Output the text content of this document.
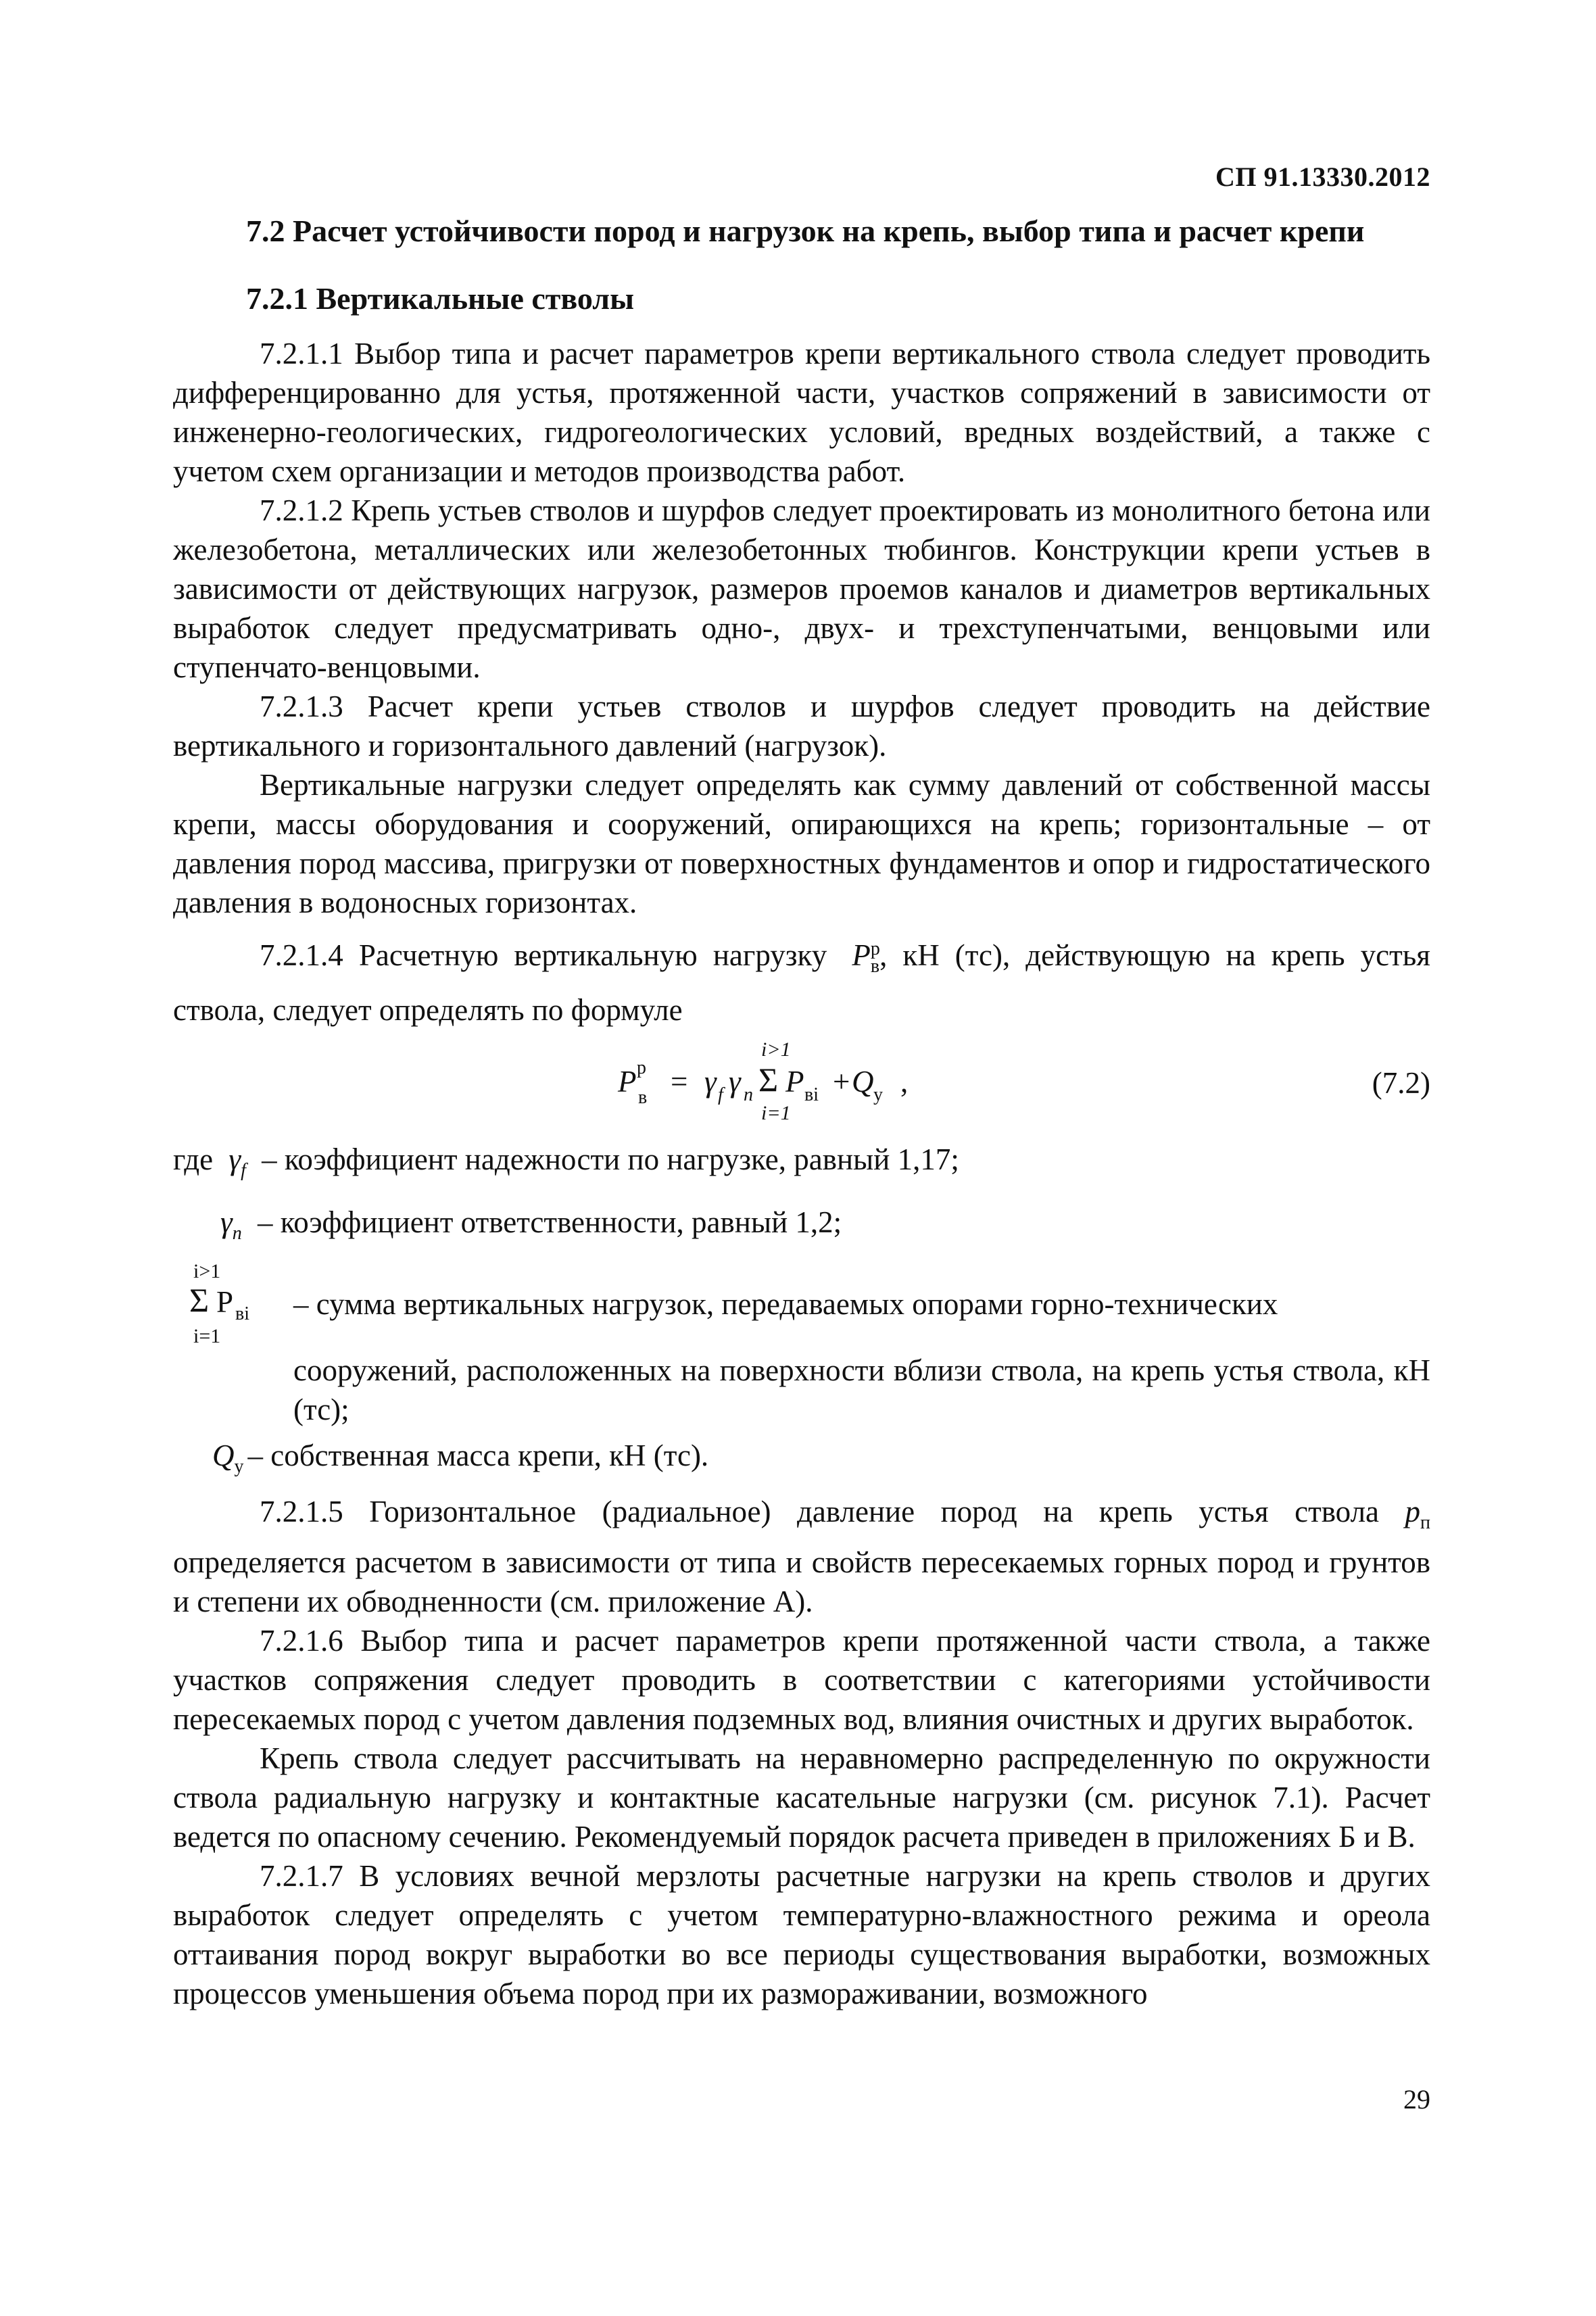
СП 91.13330.2012

7.2 Расчет устойчивости пород и нагрузок на крепь, выбор типа и расчет крепи

7.2.1 Вертикальные стволы

7.2.1.1 Выбор типа и расчет параметров крепи вертикального ствола следует проводить дифференцированно для устья, протяженной части, участков сопряжений в зависимости от инженерно-геологических, гидрогеологических условий, вредных воздействий, а также с учетом схем организации и методов производства работ.

7.2.1.2 Крепь устьев стволов и шурфов следует проектировать из монолитного бетона или железобетона, металлических или железобетонных тюбингов. Конструкции крепи устьев в зависимости от действующих нагрузок, размеров проемов каналов и диаметров вертикальных выработок следует предусматривать одно-, двух- и трехступенчатыми, венцовыми или ступенчато-венцовыми.

7.2.1.3 Расчет крепи устьев стволов и шурфов следует проводить на действие вертикального и горизонтального давлений (нагрузок).

Вертикальные нагрузки следует определять как сумму давлений от собственной массы крепи, массы оборудования и сооружений, опирающихся на крепь; горизонтальные – от давления пород массива, пригрузки от поверхностных фундаментов и опор и гидростатического давления в водоносных горизонтах.

7.2.1.4 Расчетную вертикальную нагрузку $P^р_в$, кН (тс), действующую на крепь устья ствола, следует определять по формуле

P р
в = γ f γ n
i>1
Σ
i=1
P вi + Q у ,	(7.2)
где $\gamma_f$ – коэффициент надежности по нагрузке, равный 1,17;
$\gamma_n$ – коэффициент ответственности, равный 1,2;
i>1
Σ P вi
i=1
– сумма вертикальных нагрузок, передаваемых опорами горно-технических
сооружений, расположенных на поверхности вблизи ствола, на крепь устья ствола, кН (тс);
$Q_у$ – собственная масса крепи, кН (тс).

7.2.1.5 Горизонтальное (радиальное) давление пород на крепь устья ствола $p_п$ определяется расчетом в зависимости от типа и свойств пересекаемых горных пород и грунтов и степени их обводненности (см. приложение А).

7.2.1.6 Выбор типа и расчет параметров крепи протяженной части ствола, а также участков сопряжения следует проводить в соответствии с категориями устойчивости пересекаемых пород с учетом давления подземных вод, влияния очистных и других выработок.

Крепь ствола следует рассчитывать на неравномерно распределенную по окружности ствола радиальную нагрузку и контактные касательные нагрузки (см. рисунок 7.1). Расчет ведется по опасному сечению. Рекомендуемый порядок расчета приведен в приложениях Б и В.

7.2.1.7 В условиях вечной мерзлоты расчетные нагрузки на крепь стволов и других выработок следует определять с учетом температурно-влажностного режима и ореола оттаивания пород вокруг выработки во все периоды существования выработки, возможных процессов уменьшения объема пород при их размораживании, возможного

29
